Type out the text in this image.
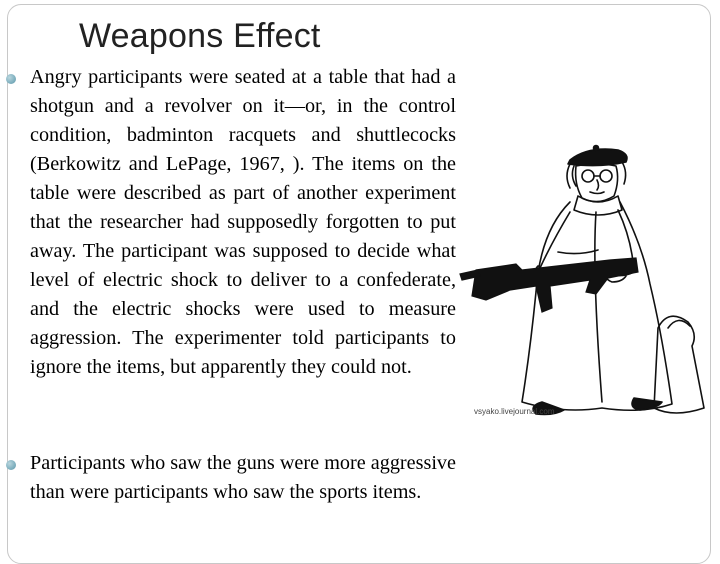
Weapons Effect
Angry participants were seated at a table that had a shotgun and a revolver on it—or, in the control condition, badminton racquets and shuttlecocks (Berkowitz and LePage, 1967, ). The items on the table were described as part of another experiment that the researcher had supposedly forgotten to put away. The participant was supposed to decide what level of electric shock to deliver to a confederate, and the electric shocks were used to measure aggression. The experimenter told participants to ignore the items, but apparently they could not.
Participants who saw the guns were more aggressive than were participants who saw the sports items.
vsyako.livejournal.com
